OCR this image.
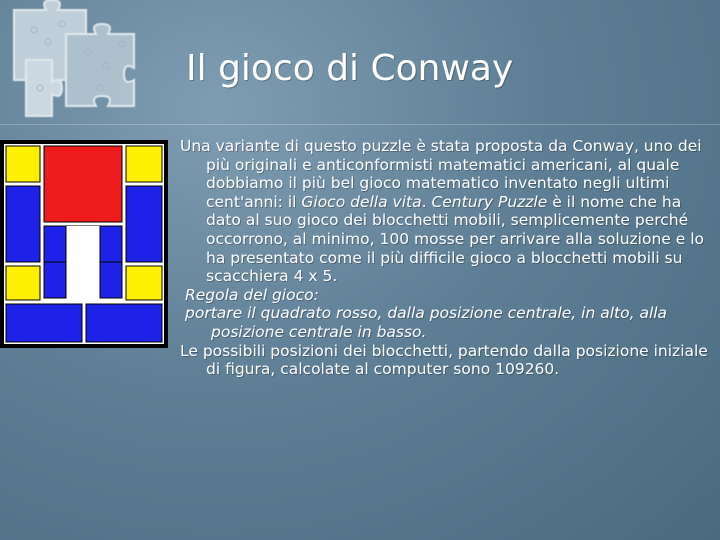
Il gioco di Conway

Una variante di questo puzzle è stata proposta da Conway, uno dei più originali e anticonformisti matematici americani, al quale dobbiamo il più bel gioco matematico inventato negli ultimi cent'anni: il Gioco della vita. Century Puzzle è il nome che ha dato al suo gioco dei blocchetti mobili, semplicemente perché occorrono, al minimo, 100 mosse per arrivare alla soluzione e lo ha presentato come il più difficile gioco a blocchetti mobili su scacchiera 4 x 5.

Regola del gioco:

portare il quadrato rosso, dalla posizione centrale, in alto, alla posizione centrale in basso.

Le possibili posizioni dei blocchetti, partendo dalla posizione iniziale di figura, calcolate al computer sono 109260.
